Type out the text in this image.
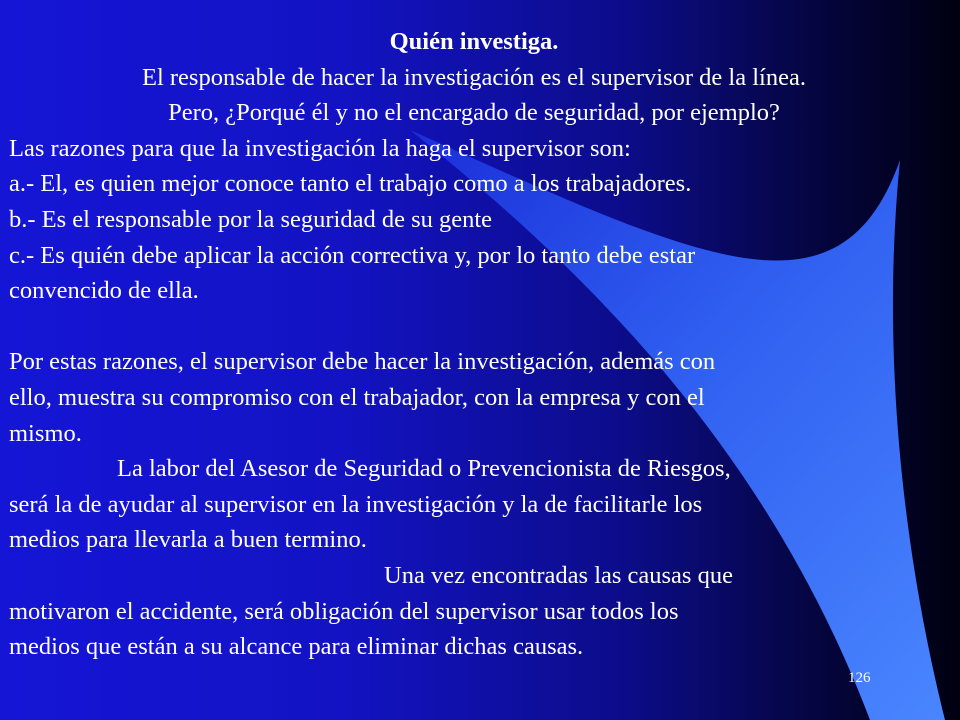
Quién investiga.
El responsable de hacer la investigación es el supervisor de la línea.
Pero, ¿Porqué él y no el encargado de seguridad, por ejemplo?
Las razones para que la investigación la haga el supervisor son:
a.- El, es quien mejor conoce tanto el trabajo como a los trabajadores.
b.- Es el responsable por la seguridad de su gente
c.- Es quién debe aplicar la acción correctiva y, por lo tanto debe estar
convencido de ella.
Por estas razones, el supervisor debe hacer la investigación, además con
ello, muestra su compromiso con el trabajador, con la empresa y con el
mismo.
La labor del Asesor de Seguridad o Prevencionista de Riesgos,
será la de ayudar al supervisor en la investigación y la de facilitarle los
medios para llevarla a buen termino.
Una vez encontradas las causas que
motivaron el accidente, será obligación del supervisor usar todos los
medios que están a su alcance para eliminar dichas causas.
126
